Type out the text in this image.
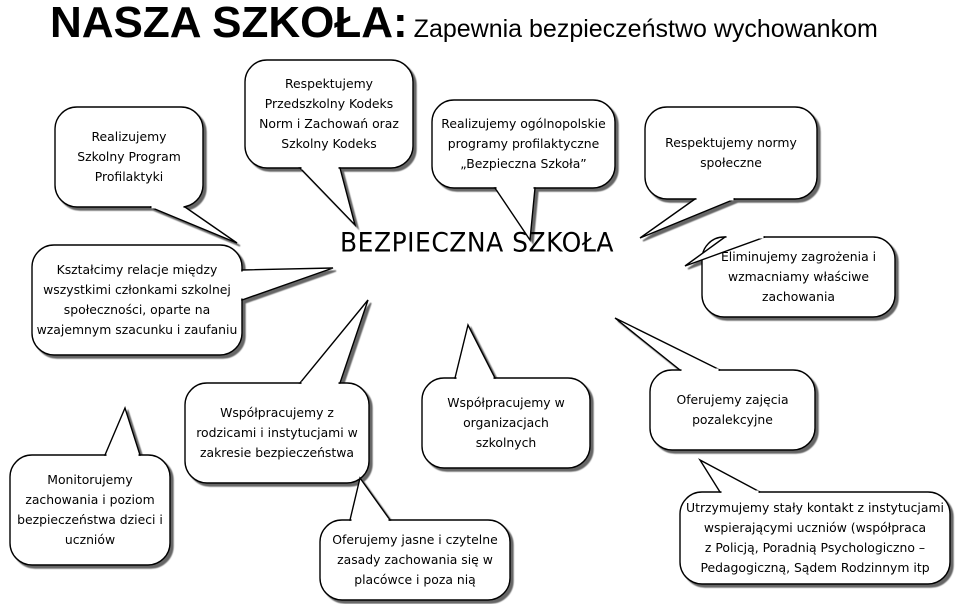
NASZA SZKOŁA: Zapewnia bezpieczeństwo wychowankom
BEZPIECZNA SZKOŁA
Realizujemy
Szkolny Program
Profilaktyki
Respektujemy
Przedszkolny Kodeks
Norm i Zachowań oraz
Szkolny Kodeks
Realizujemy ogólnopolskie
programy profilaktyczne
„Bezpieczna Szkoła”
Respektujemy normy
społeczne
Kształcimy relacje między
wszystkimi członkami szkolnej
społeczności, oparte na
wzajemnym szacunku i zaufaniu
Eliminujemy zagrożenia i
wzmacniamy właściwe
zachowania
Monitorujemy
zachowania i poziom
bezpieczeństwa dzieci i
uczniów
Współpracujemy z
rodzicami i instytucjami w
zakresie bezpieczeństwa
Współpracujemy w
organizacjach
szkolnych
Oferujemy zajęcia
pozalekcyjne
Oferujemy jasne i czytelne
zasady zachowania się w
placówce i poza nią
Utrzymujemy stały kontakt z instytucjami
wspierającymi uczniów (współpraca
z Policją, Poradnią Psychologiczno –
Pedagogiczną, Sądem Rodzinnym itp
